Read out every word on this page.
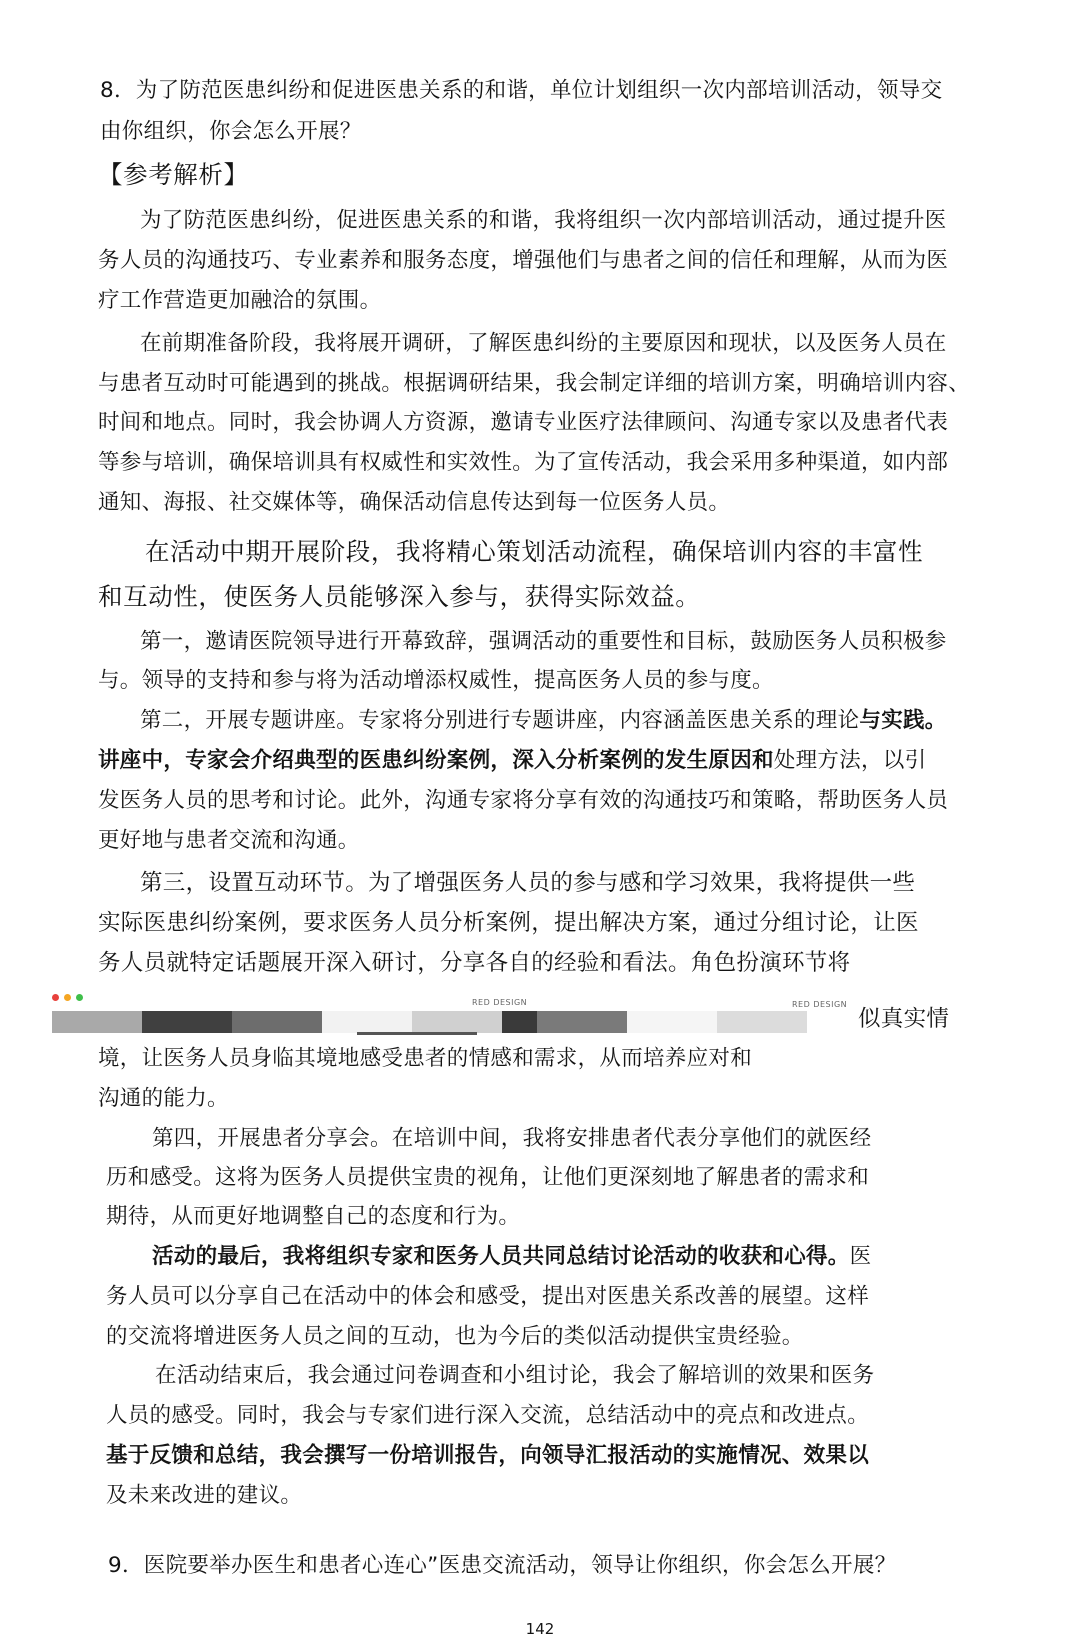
8．为了防范医患纠纷和促进医患关系的和谐，单位计划组织一次内部培训活动，领导交
由你组织，你会怎么开展？
【参考解析】
为了防范医患纠纷，促进医患关系的和谐，我将组织一次内部培训活动，通过提升医
务人员的沟通技巧、专业素养和服务态度，增强他们与患者之间的信任和理解，从而为医
疗工作营造更加融洽的氛围。
在前期准备阶段，我将展开调研，了解医患纠纷的主要原因和现状，以及医务人员在
与患者互动时可能遇到的挑战。根据调研结果，我会制定详细的培训方案，明确培训内容、
时间和地点。同时，我会协调人方资源，邀请专业医疗法律顾问、沟通专家以及患者代表
等参与培训，确保培训具有权威性和实效性。为了宣传活动，我会采用多种渠道，如内部
通知、海报、社交媒体等，确保活动信息传达到每一位医务人员。
在活动中期开展阶段，我将精心策划活动流程，确保培训内容的丰富性
和互动性，使医务人员能够深入参与，获得实际效益。
第一，邀请医院领导进行开幕致辞，强调活动的重要性和目标，鼓励医务人员积极参
与。领导的支持和参与将为活动增添权威性，提高医务人员的参与度。
第二，开展专题讲座。专家将分别进行专题讲座，内容涵盖医患关系的理论与实践。
讲座中，专家会介绍典型的医患纠纷案例，深入分析案例的发生原因和处理方法，以引
发医务人员的思考和讨论。此外，沟通专家将分享有效的沟通技巧和策略，帮助医务人员
更好地与患者交流和沟通。
第三，设置互动环节。为了增强医务人员的参与感和学习效果，我将提供一些
实际医患纠纷案例，要求医务人员分析案例，提出解决方案，通过分组讨论，让医
务人员就特定话题展开深入研讨，分享各自的经验和看法。角色扮演环节将
RED DESIGN	RED DESIGN
似真实情
境，让医务人员身临其境地感受患者的情感和需求，从而培养应对和
沟通的能力。
第四，开展患者分享会。在培训中间，我将安排患者代表分享他们的就医经
历和感受。这将为医务人员提供宝贵的视角，让他们更深刻地了解患者的需求和
期待，从而更好地调整自己的态度和行为。
活动的最后，我将组织专家和医务人员共同总结讨论活动的收获和心得。医
务人员可以分享自己在活动中的体会和感受，提出对医患关系改善的展望。这样
的交流将增进医务人员之间的互动，也为今后的类似活动提供宝贵经验。
在活动结束后，我会通过问卷调查和小组讨论，我会了解培训的效果和医务
人员的感受。同时，我会与专家们进行深入交流，总结活动中的亮点和改进点。
基于反馈和总结，我会撰写一份培训报告，向领导汇报活动的实施情况、效果以
及未来改进的建议。
9．医院要举办医生和患者心连心”医患交流活动，领导让你组织，你会怎么开展？
142
